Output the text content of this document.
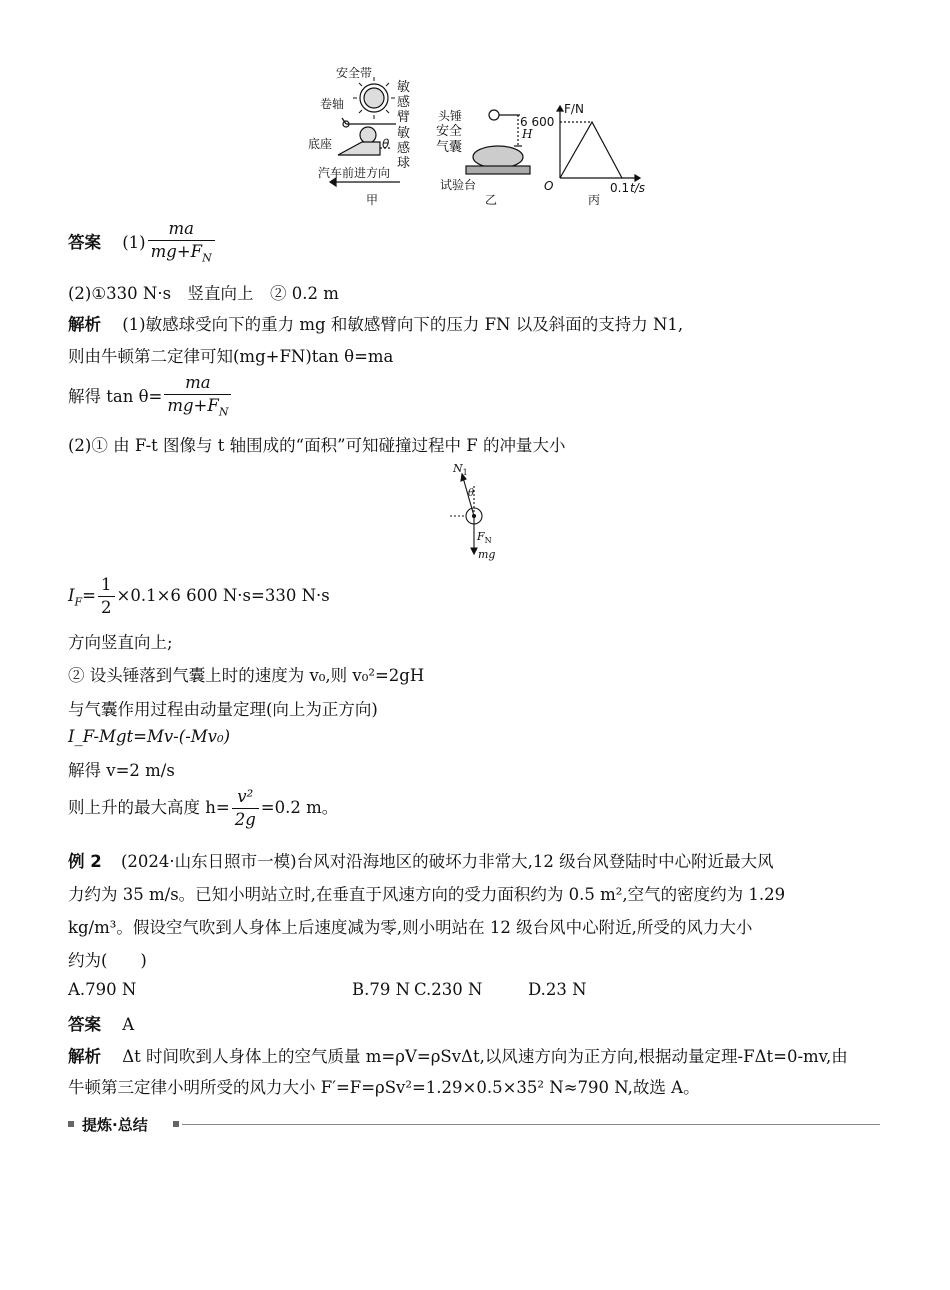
安全带
卷轴
底座	θ
汽车前进方向
甲
敏感臂
敏感球
头锤
H
试验台
乙
安全气囊
F/N
6 600
O	0.1 t/s
丙
答案 $(1) \frac{ma}{mg+F_N}$
(2)①330 N·s　竖直向上　② 0.2 m
解析 (1)敏感球受向下的重力 mg 和敏感臂向下的压力 FN 以及斜面的支持力 N1,
则由牛顿第二定律可知(mg+FN)tan θ=ma
解得 $\tan \theta= \frac{ma}{mg+F_N}$
(2)① 由 F-t 图像与 t 轴围成的“面积”可知碰撞过程中 F 的冲量大小
$N_1$
θ
$F_N$
mg
$I_F= \frac{1}{2} \times 0.1\times 6$ 600 N·s=330 N·s
方向竖直向上;
② 设头锤落到气囊上时的速度为 v₀,则 v₀²=2gH
与气囊作用过程由动量定理(向上为正方向)
I_F-Mgt=Mv-(-Mv₀)
解得 v=2 m/s
则上升的最大高度 $h= \frac{\text{v²}}{2g} =0.2$ m。
例 2 (2024·山东日照市一模)台风对沿海地区的破坏力非常大,12 级台风登陆时中心附近最大风
力约为 35 m/s。已知小明站立时,在垂直于风速方向的受力面积约为 0.5 m²,空气的密度约为 1.29
kg/m³。假设空气吹到人身体上后速度减为零,则小明站在 12 级台风中心附近,所受的风力大小
约为(　　)
A.790 N	B.79 N C.230 N	D.23 N
答案 A
解析 Δt 时间吹到人身体上的空气质量 m=ρV=ρSvΔt,以风速方向为正方向,根据动量定理-FΔt=0-mv,由
牛顿第三定律小明所受的风力大小 F′=F=ρSv²=1.29×0.5×35² N≈790 N,故选 A。
提炼·总结
